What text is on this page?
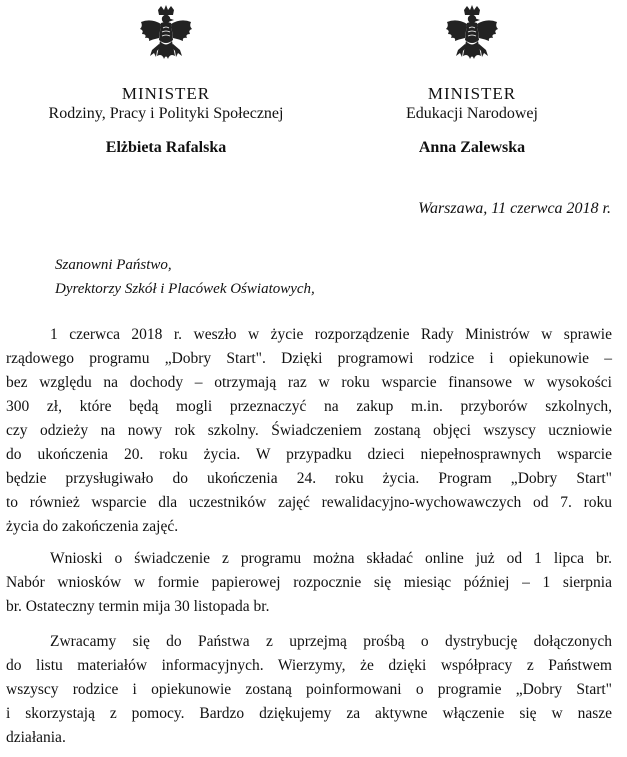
MINISTER
Rodziny, Pracy i Polityki Społecznej
Elżbieta Rafalska
MINISTER
Edukacji Narodowej
Anna Zalewska
Warszawa, 11 czerwca 2018 r.
Szanowni Państwo,
Dyrektorzy Szkół i Placówek Oświatowych,
1 czerwca 2018 r. weszło w życie rozporządzenie Rady Ministrów w sprawie
rządowego programu „Dobry Start". Dzięki programowi rodzice i opiekunowie –
bez względu na dochody – otrzymają raz w roku wsparcie finansowe w wysokości
300 zł, które będą mogli przeznaczyć na zakup m.in. przyborów szkolnych,
czy odzieży na nowy rok szkolny. Świadczeniem zostaną objęci wszyscy uczniowie
do ukończenia 20. roku życia. W przypadku dzieci niepełnosprawnych wsparcie
będzie przysługiwało do ukończenia 24. roku życia. Program „Dobry Start"
to również wsparcie dla uczestników zajęć rewalidacyjno-wychowawczych od 7. roku
życia do zakończenia zajęć.
Wnioski o świadczenie z programu można składać online już od 1 lipca br.
Nabór wniosków w formie papierowej rozpocznie się miesiąc później – 1 sierpnia
br. Ostateczny termin mija 30 listopada br.
Zwracamy się do Państwa z uprzejmą prośbą o dystrybucję dołączonych
do listu materiałów informacyjnych. Wierzymy, że dzięki współpracy z Państwem
wszyscy rodzice i opiekunowie zostaną poinformowani o programie „Dobry Start"
i skorzystają z pomocy. Bardzo dziękujemy za aktywne włączenie się w nasze
działania.
